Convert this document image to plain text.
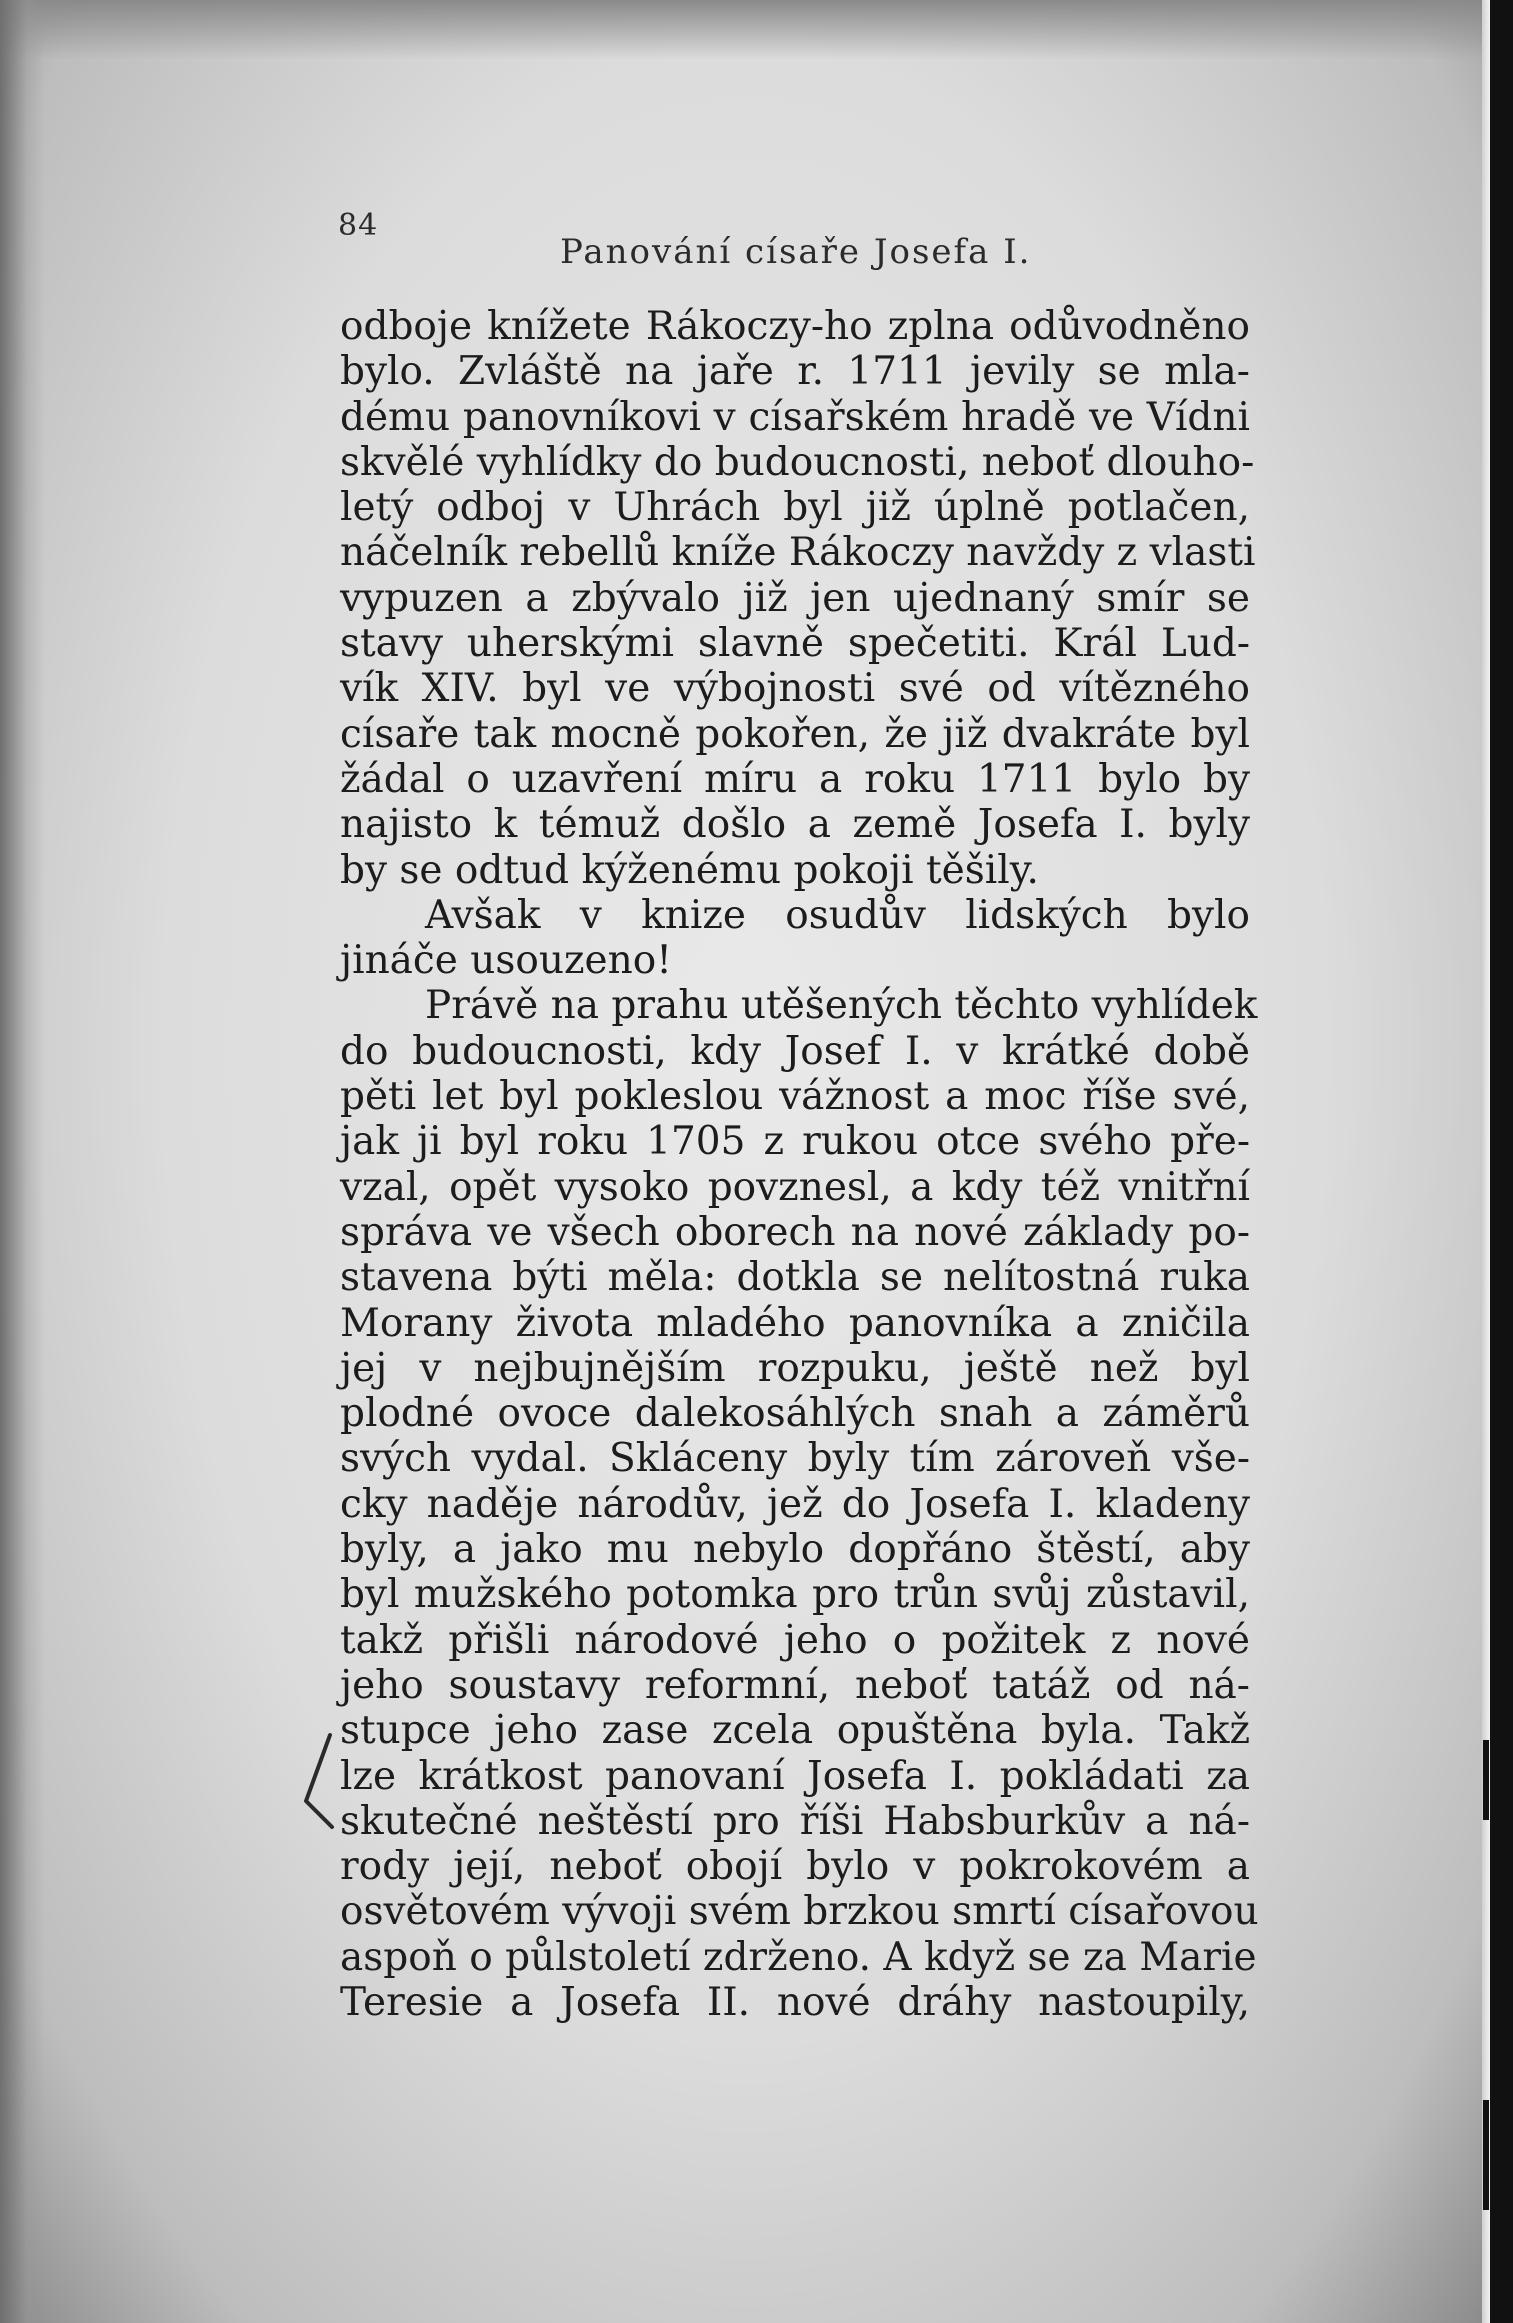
84
Panování císaře Josefa I.
odboje knížete Rákoczy-ho zplna odůvodněno
bylo. Zvláště na jaře r. 1711 jevily se mla-
dému panovníkovi v císařském hradě ve Vídni
skvělé vyhlídky do budoucnosti, neboť dlouho-
letý odboj v Uhrách byl již úplně potlačen,
náčelník rebellů kníže Rákoczy navždy z vlasti
vypuzen a zbývalo již jen ujednaný smír se
stavy uherskými slavně spečetiti. Král Lud-
vík XIV. byl ve výbojnosti své od vítězného
císaře tak mocně pokořen, že již dvakráte byl
žádal o uzavření míru a roku 1711 bylo by
najisto k témuž došlo a země Josefa I. byly
by se odtud kýženému pokoji těšily.
Avšak v knize osudův lidských bylo
jináče usouzeno!
Právě na prahu utěšených těchto vyhlídek
do budoucnosti, kdy Josef I. v krátké době
pěti let byl pokleslou vážnost a moc říše své,
jak ji byl roku 1705 z rukou otce svého pře-
vzal, opět vysoko povznesl, a kdy též vnitřní
správa ve všech oborech na nové základy po-
stavena býti měla: dotkla se nelítostná ruka
Morany života mladého panovníka a zničila
jej v nejbujnějším rozpuku, ještě než byl
plodné ovoce dalekosáhlých snah a záměrů
svých vydal. Skláceny byly tím zároveň vše-
cky naděje národův, jež do Josefa I. kladeny
byly, a jako mu nebylo dopřáno štěstí, aby
byl mužského potomka pro trůn svůj zůstavil,
takž přišli národové jeho o požitek z nové
jeho soustavy reformní, neboť tatáž od ná-
stupce jeho zase zcela opuštěna byla. Takž
lze krátkost panovaní Josefa I. pokládati za
skutečné neštěstí pro říši Habsburkův a ná-
rody její, neboť obojí bylo v pokrokovém a
osvětovém vývoji svém brzkou smrtí císařovou
aspoň o půlstoletí zdrženo. A když se za Marie
Teresie a Josefa II. nové dráhy nastoupily,
